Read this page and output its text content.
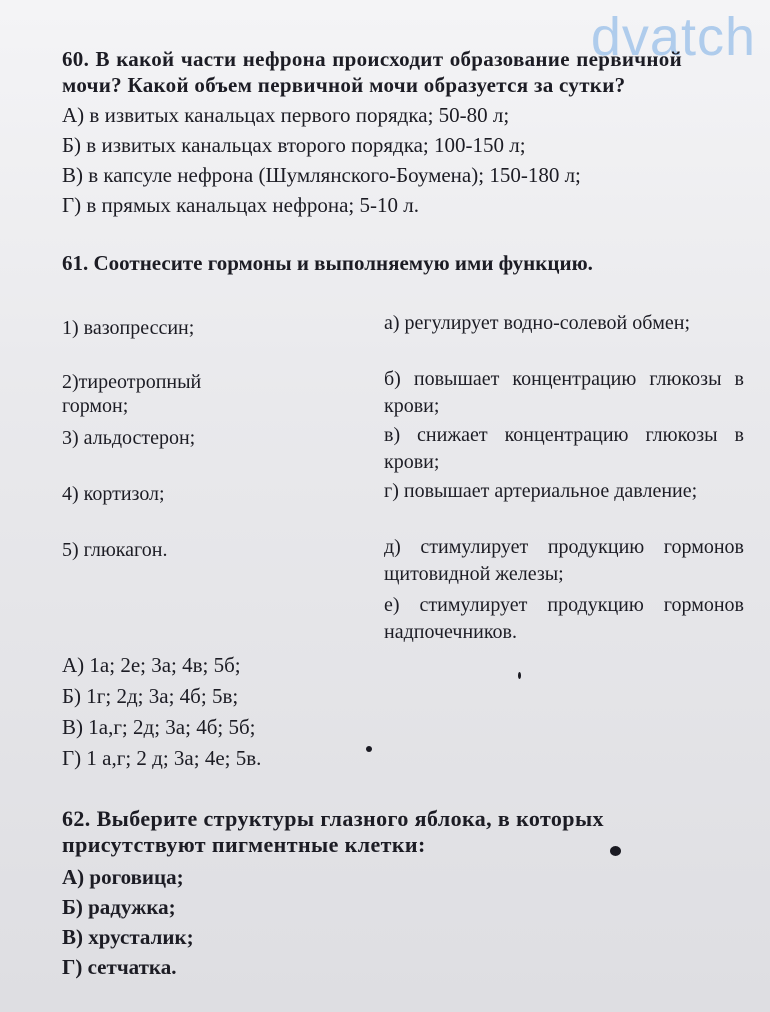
dvatch

60. В какой части нефрона происходит образование первичной мочи? Какой объем первичной мочи образуется за сутки?

А) в извитых канальцах первого порядка; 50-80 л;

Б) в извитых канальцах второго порядка; 100-150 л;

В) в капсуле нефрона (Шумлянского-Боумена); 150-180 л;

Г) в прямых канальцах нефрона; 5-10 л.

61. Соотнесите гормоны и выполняемую ими функцию.

1) вазопрессин;
2)тиреотропный гормон;
3) альдостерон;
4) кортизол;
5) глюкагон.
а) регулирует водно-солевой обмен;
б) повышает концентрацию глюкозы в крови;
в) снижает концентрацию глюкозы в крови;
г) повышает артериальное давление;
д) стимулирует продукцию гормонов щитовидной железы;
е) стимулирует продукцию гормонов надпочечников.

А) 1а; 2е; 3а; 4в; 5б;

Б) 1г; 2д; 3а; 4б; 5в;

В) 1а,г; 2д; 3а; 4б; 5б;

Г) 1 а,г; 2 д; 3а; 4е; 5в.

62. Выберите структуры глазного яблока, в которых присутствуют пигментные клетки:

А) роговица;

Б) радужка;

В) хрусталик;

Г) сетчатка.
